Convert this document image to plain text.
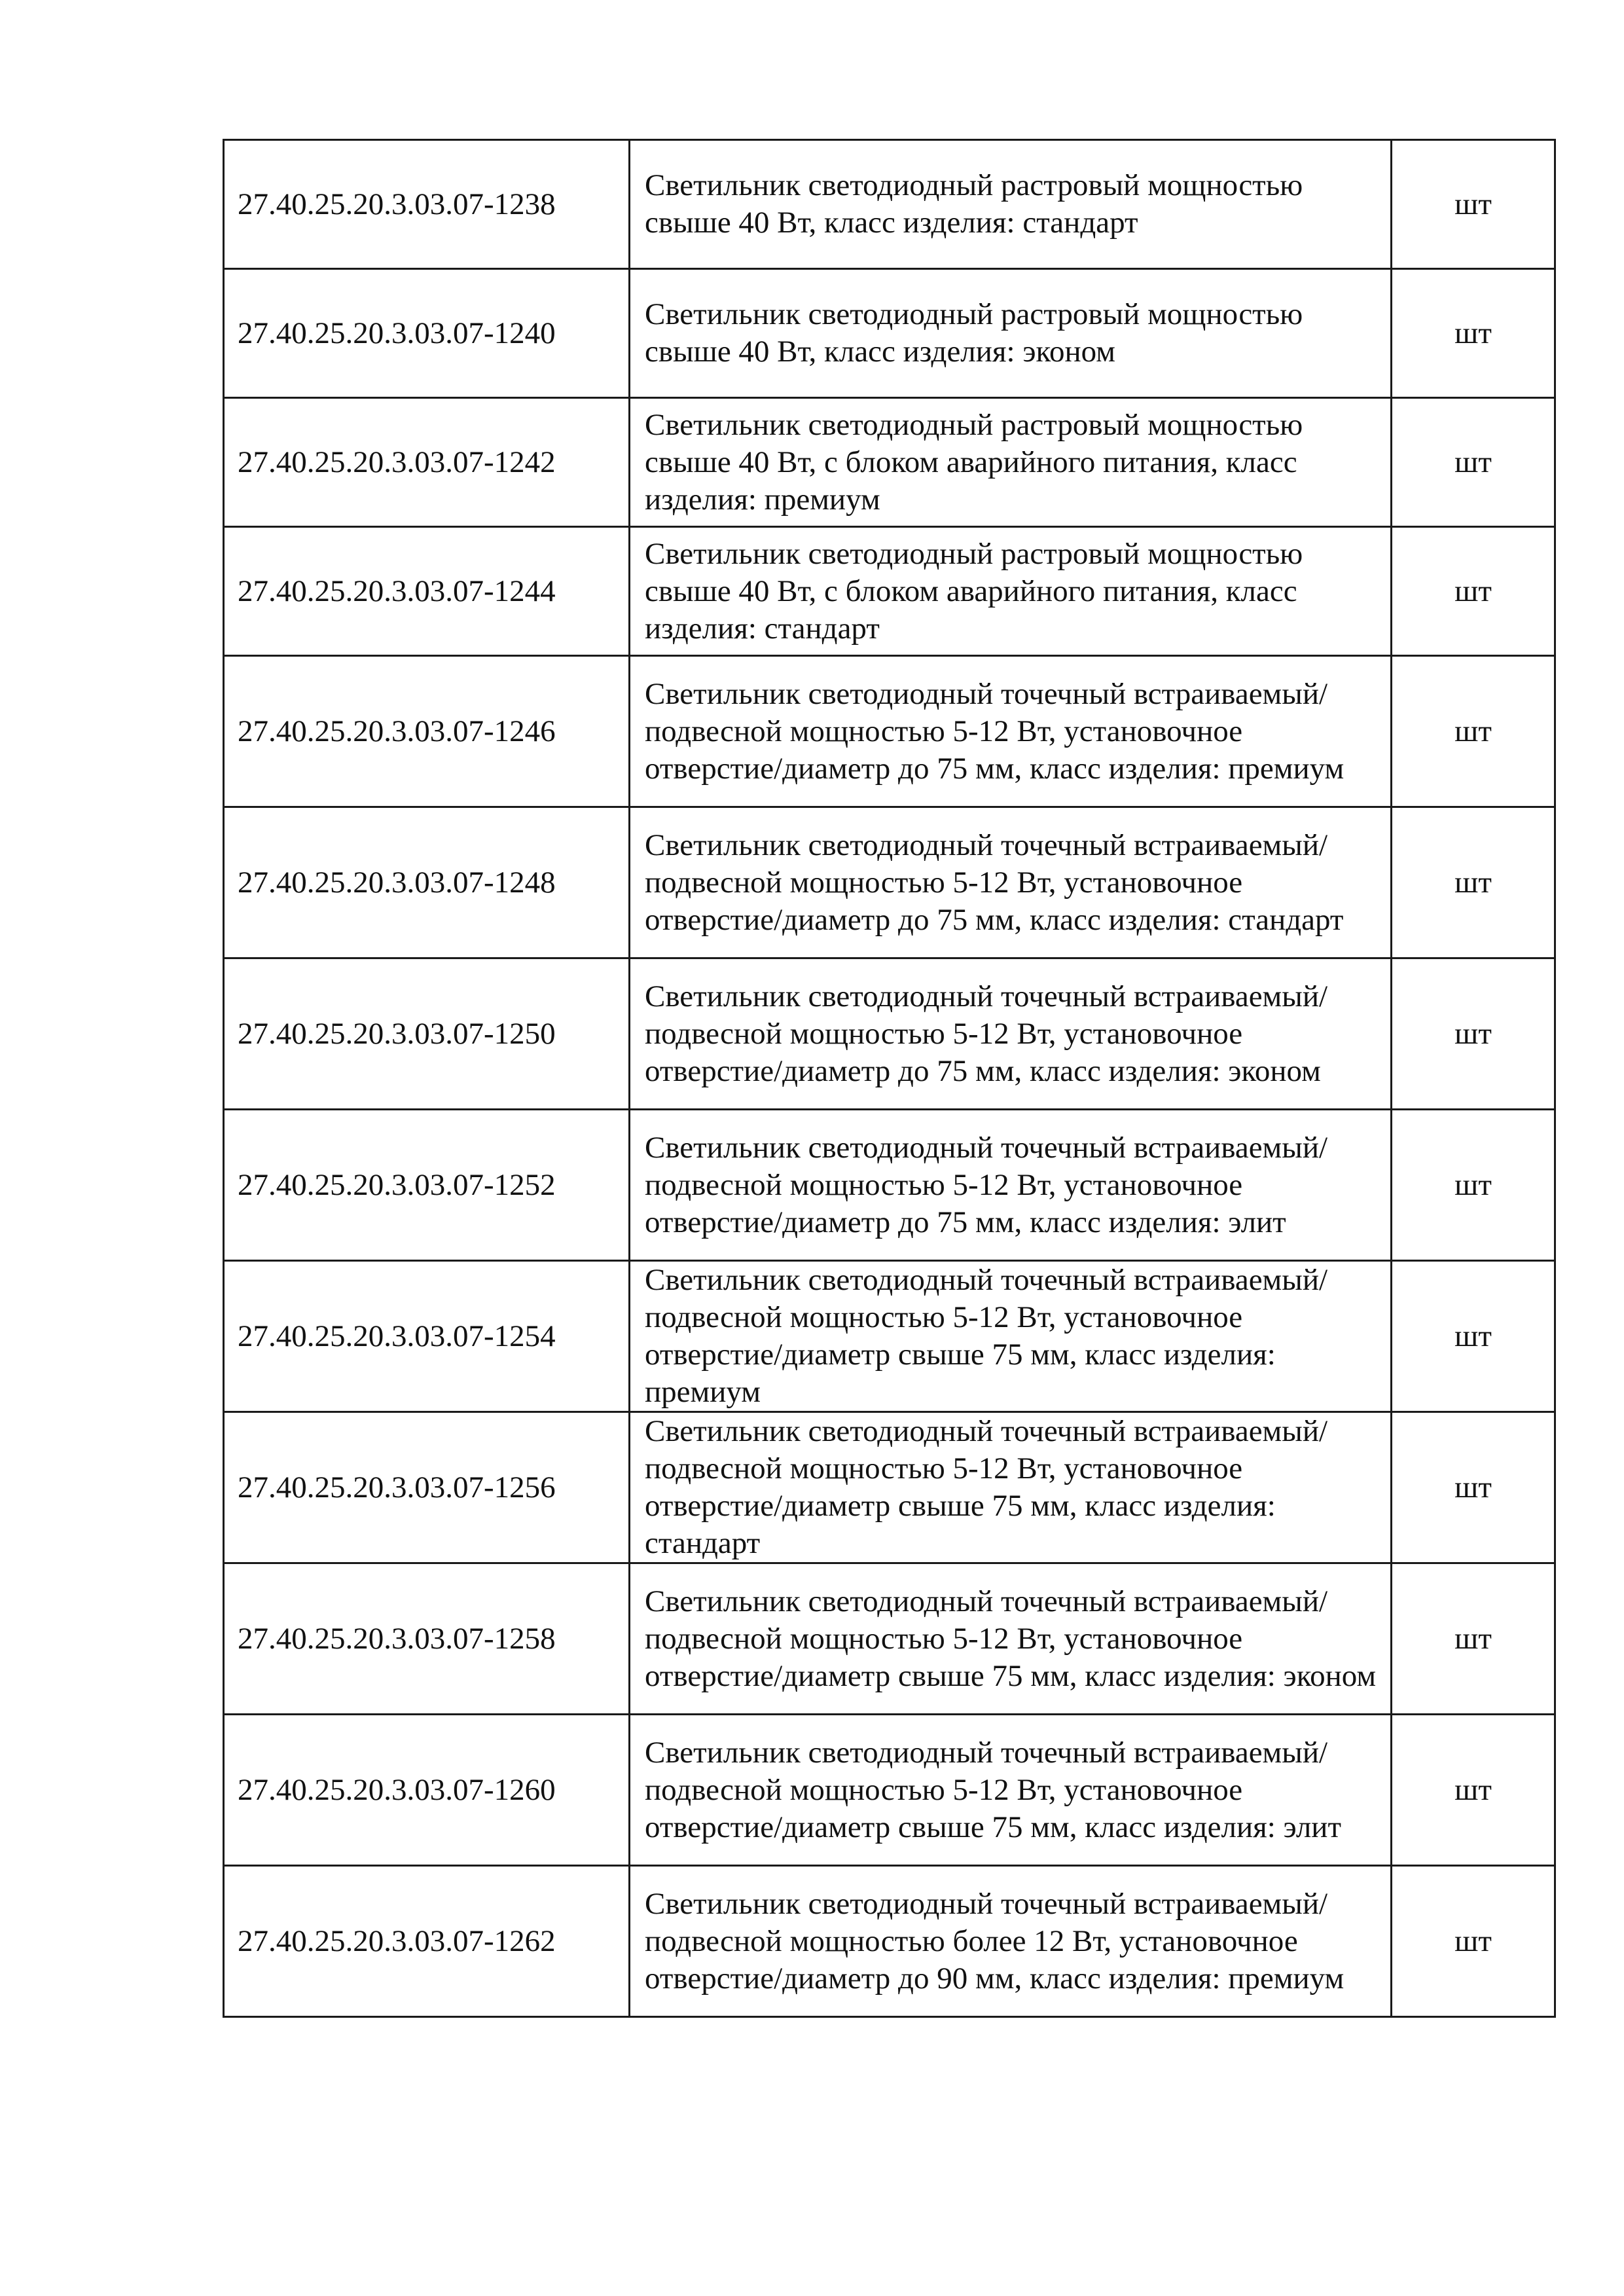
27.40.25.20.3.03.07-1238	Светильник светодиодный растровый мощностью свыше 40 Вт, класс изделия: стандарт	шт
27.40.25.20.3.03.07-1240	Светильник светодиодный растровый мощностью свыше 40 Вт, класс изделия: эконом	шт
27.40.25.20.3.03.07-1242	Светильник светодиодный растровый мощностью свыше 40 Вт, с блоком аварийного питания, класс изделия: премиум	шт
27.40.25.20.3.03.07-1244	Светильник светодиодный растровый мощностью свыше 40 Вт, с блоком аварийного питания, класс изделия: стандарт	шт
27.40.25.20.3.03.07-1246	Светильник светодиодный точечный встраиваемый/подвесной мощностью 5-12 Вт, установочное отверстие/диаметр до 75 мм, класс изделия: премиум	шт
27.40.25.20.3.03.07-1248	Светильник светодиодный точечный встраиваемый/подвесной мощностью 5-12 Вт, установочное отверстие/диаметр до 75 мм, класс изделия: стандарт	шт
27.40.25.20.3.03.07-1250	Светильник светодиодный точечный встраиваемый/подвесной мощностью 5-12 Вт, установочное отверстие/диаметр до 75 мм, класс изделия: эконом	шт
27.40.25.20.3.03.07-1252	Светильник светодиодный точечный встраиваемый/подвесной мощностью 5-12 Вт, установочное отверстие/диаметр до 75 мм, класс изделия: элит	шт
27.40.25.20.3.03.07-1254	Светильник светодиодный точечный встраиваемый/подвесной мощностью 5-12 Вт, установочное отверстие/диаметр свыше 75 мм, класс изделия: премиум	шт
27.40.25.20.3.03.07-1256	Светильник светодиодный точечный встраиваемый/подвесной мощностью 5-12 Вт, установочное отверстие/диаметр свыше 75 мм, класс изделия: стандарт	шт
27.40.25.20.3.03.07-1258	Светильник светодиодный точечный встраиваемый/подвесной мощностью 5-12 Вт, установочное отверстие/диаметр свыше 75 мм, класс изделия: эконом	шт
27.40.25.20.3.03.07-1260	Светильник светодиодный точечный встраиваемый/подвесной мощностью 5-12 Вт, установочное отверстие/диаметр свыше 75 мм, класс изделия: элит	шт
27.40.25.20.3.03.07-1262	Светильник светодиодный точечный встраиваемый/подвесной мощностью более 12 Вт, установочное отверстие/диаметр до 90 мм, класс изделия: премиум	шт
